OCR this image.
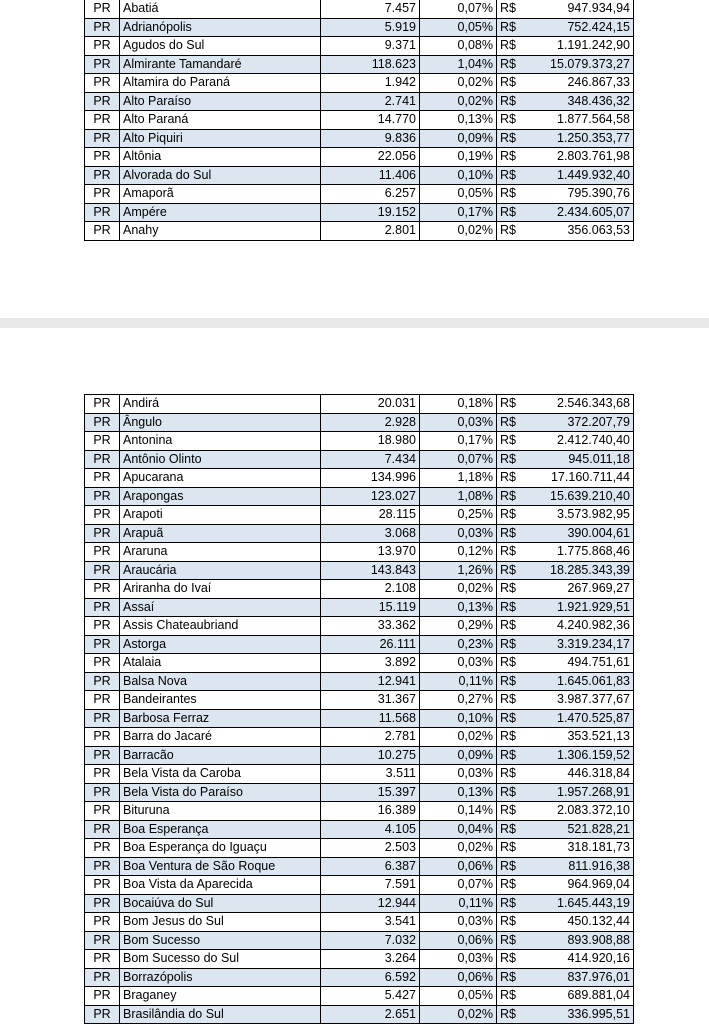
PR	Abatiá	7.457	0,07%	R$	947.934,94
PR	Adrianópolis	5.919	0,05%	R$	752.424,15
PR	Agudos do Sul	9.371	0,08%	R$	1.191.242,90
PR	Almirante Tamandaré	118.623	1,04%	R$	15.079.373,27
PR	Altamira do Paraná	1.942	0,02%	R$	246.867,33
PR	Alto Paraíso	2.741	0,02%	R$	348.436,32
PR	Alto Paraná	14.770	0,13%	R$	1.877.564,58
PR	Alto Piquiri	9.836	0,09%	R$	1.250.353,77
PR	Altônia	22.056	0,19%	R$	2.803.761,98
PR	Alvorada do Sul	11.406	0,10%	R$	1.449.932,40
PR	Amaporã	6.257	0,05%	R$	795.390,76
PR	Ampére	19.152	0,17%	R$	2.434.605,07
PR	Anahy	2.801	0,02%	R$	356.063,53
PR	Andirá	20.031	0,18%	R$	2.546.343,68
PR	Ângulo	2.928	0,03%	R$	372.207,79
PR	Antonina	18.980	0,17%	R$	2.412.740,40
PR	Antônio Olinto	7.434	0,07%	R$	945.011,18
PR	Apucarana	134.996	1,18%	R$	17.160.711,44
PR	Arapongas	123.027	1,08%	R$	15.639.210,40
PR	Arapoti	28.115	0,25%	R$	3.573.982,95
PR	Arapuã	3.068	0,03%	R$	390.004,61
PR	Araruna	13.970	0,12%	R$	1.775.868,46
PR	Araucária	143.843	1,26%	R$	18.285.343,39
PR	Ariranha do Ivaí	2.108	0,02%	R$	267.969,27
PR	Assaí	15.119	0,13%	R$	1.921.929,51
PR	Assis Chateaubriand	33.362	0,29%	R$	4.240.982,36
PR	Astorga	26.111	0,23%	R$	3.319.234,17
PR	Atalaia	3.892	0,03%	R$	494.751,61
PR	Balsa Nova	12.941	0,11%	R$	1.645.061,83
PR	Bandeirantes	31.367	0,27%	R$	3.987.377,67
PR	Barbosa Ferraz	11.568	0,10%	R$	1.470.525,87
PR	Barra do Jacaré	2.781	0,02%	R$	353.521,13
PR	Barracão	10.275	0,09%	R$	1.306.159,52
PR	Bela Vista da Caroba	3.511	0,03%	R$	446.318,84
PR	Bela Vista do Paraíso	15.397	0,13%	R$	1.957.268,91
PR	Bituruna	16.389	0,14%	R$	2.083.372,10
PR	Boa Esperança	4.105	0,04%	R$	521.828,21
PR	Boa Esperança do Iguaçu	2.503	0,02%	R$	318.181,73
PR	Boa Ventura de São Roque	6.387	0,06%	R$	811.916,38
PR	Boa Vista da Aparecida	7.591	0,07%	R$	964.969,04
PR	Bocaiúva do Sul	12.944	0,11%	R$	1.645.443,19
PR	Bom Jesus do Sul	3.541	0,03%	R$	450.132,44
PR	Bom Sucesso	7.032	0,06%	R$	893.908,88
PR	Bom Sucesso do Sul	3.264	0,03%	R$	414.920,16
PR	Borrazópolis	6.592	0,06%	R$	837.976,01
PR	Braganey	5.427	0,05%	R$	689.881,04
PR	Brasilândia do Sul	2.651	0,02%	R$	336.995,51
